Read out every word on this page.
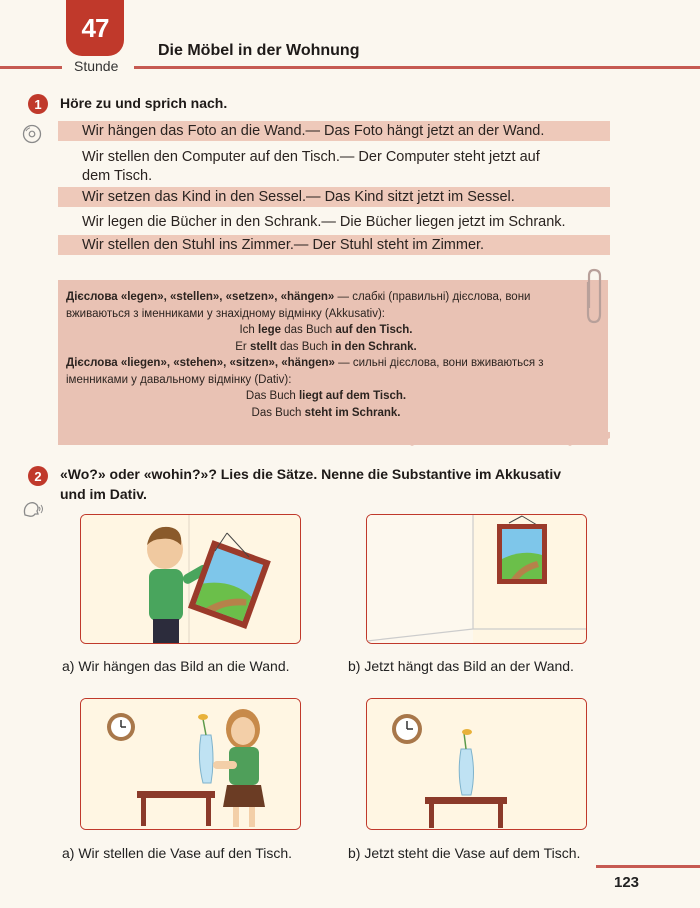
47
Stunde
Die Möbel in der Wohnung
1	Höre zu und sprich nach.
Wir hängen das Foto an die Wand.— Das Foto hängt jetzt an der Wand.
Wir stellen den Computer auf den Tisch.— Der Computer steht jetzt auf
dem Tisch.
Wir setzen das Kind in den Sessel.— Das Kind sitzt jetzt im Sessel.
Wir legen die Bücher in den Schrank.— Die Bücher liegen jetzt im Schrank.
Wir stellen den Stuhl ins Zimmer.— Der Stuhl steht im Zimmer.
Дієслова «legen», «stellen», «setzen», «hängen» — слабкі (правильні) дієслова, вони вживаються з іменниками у знахідному відмінку (Akkusativ):
Ich lege das Buch auf den Tisch.
Er stellt das Buch in den Schrank.
Дієслова «liegen», «stehen», «sitzen», «hängen» — сильні дієслова, вони вживаються з іменниками у давальному відмінку (Dativ):
Das Buch liegt auf dem Tisch.
Das Buch steht im Schrank.
2	«Wo?» oder «wohin?»? Lies die Sätze. Nenne die Substantive im Akkusativ
und im Dativ.
a) Wir hängen das Bild an die Wand.	b) Jetzt hängt das Bild an der Wand.
a) Wir stellen die Vase auf den Tisch.	b) Jetzt steht die Vase auf dem Tisch.
123
